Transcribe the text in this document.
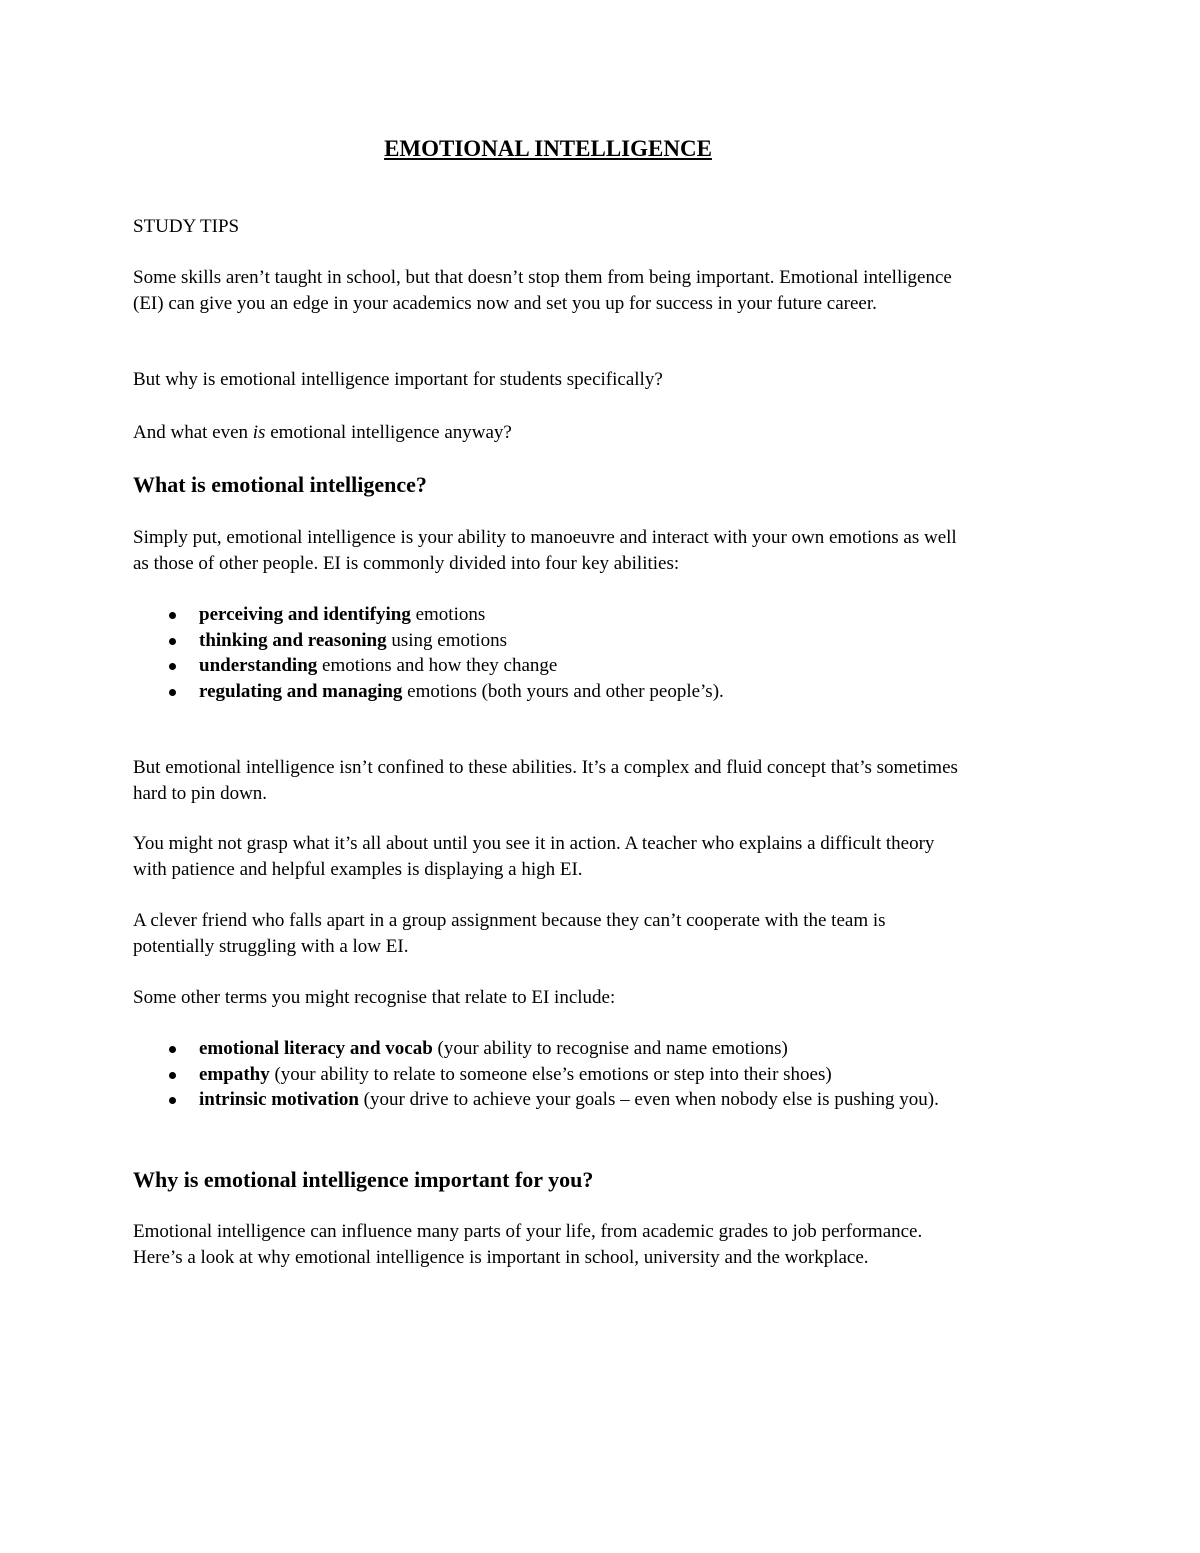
EMOTIONAL INTELLIGENCE

STUDY TIPS

Some skills aren’t taught in school, but that doesn’t stop them from being important. Emotional intelligence (EI) can give you an edge in your academics now and set you up for success in your future career.

But why is emotional intelligence important for students specifically?

And what even is emotional intelligence anyway?

What is emotional intelligence?

Simply put, emotional intelligence is your ability to manoeuvre and interact with your own emotions as well as those of other people. EI is commonly divided into four key abilities:

perceiving and identifying emotions
thinking and reasoning using emotions
understanding emotions and how they change
regulating and managing emotions (both yours and other people’s).

But emotional intelligence isn’t confined to these abilities. It’s a complex and fluid concept that’s sometimes hard to pin down.

You might not grasp what it’s all about until you see it in action. A teacher who explains a difficult theory with patience and helpful examples is displaying a high EI.

A clever friend who falls apart in a group assignment because they can’t cooperate with the team is potentially struggling with a low EI.

Some other terms you might recognise that relate to EI include:

emotional literacy and vocab (your ability to recognise and name emotions)
empathy (your ability to relate to someone else’s emotions or step into their shoes)
intrinsic motivation (your drive to achieve your goals – even when nobody else is pushing you).
Why is emotional intelligence important for you?

Emotional intelligence can influence many parts of your life, from academic grades to job performance. Here’s a look at why emotional intelligence is important in school, university and the workplace.
